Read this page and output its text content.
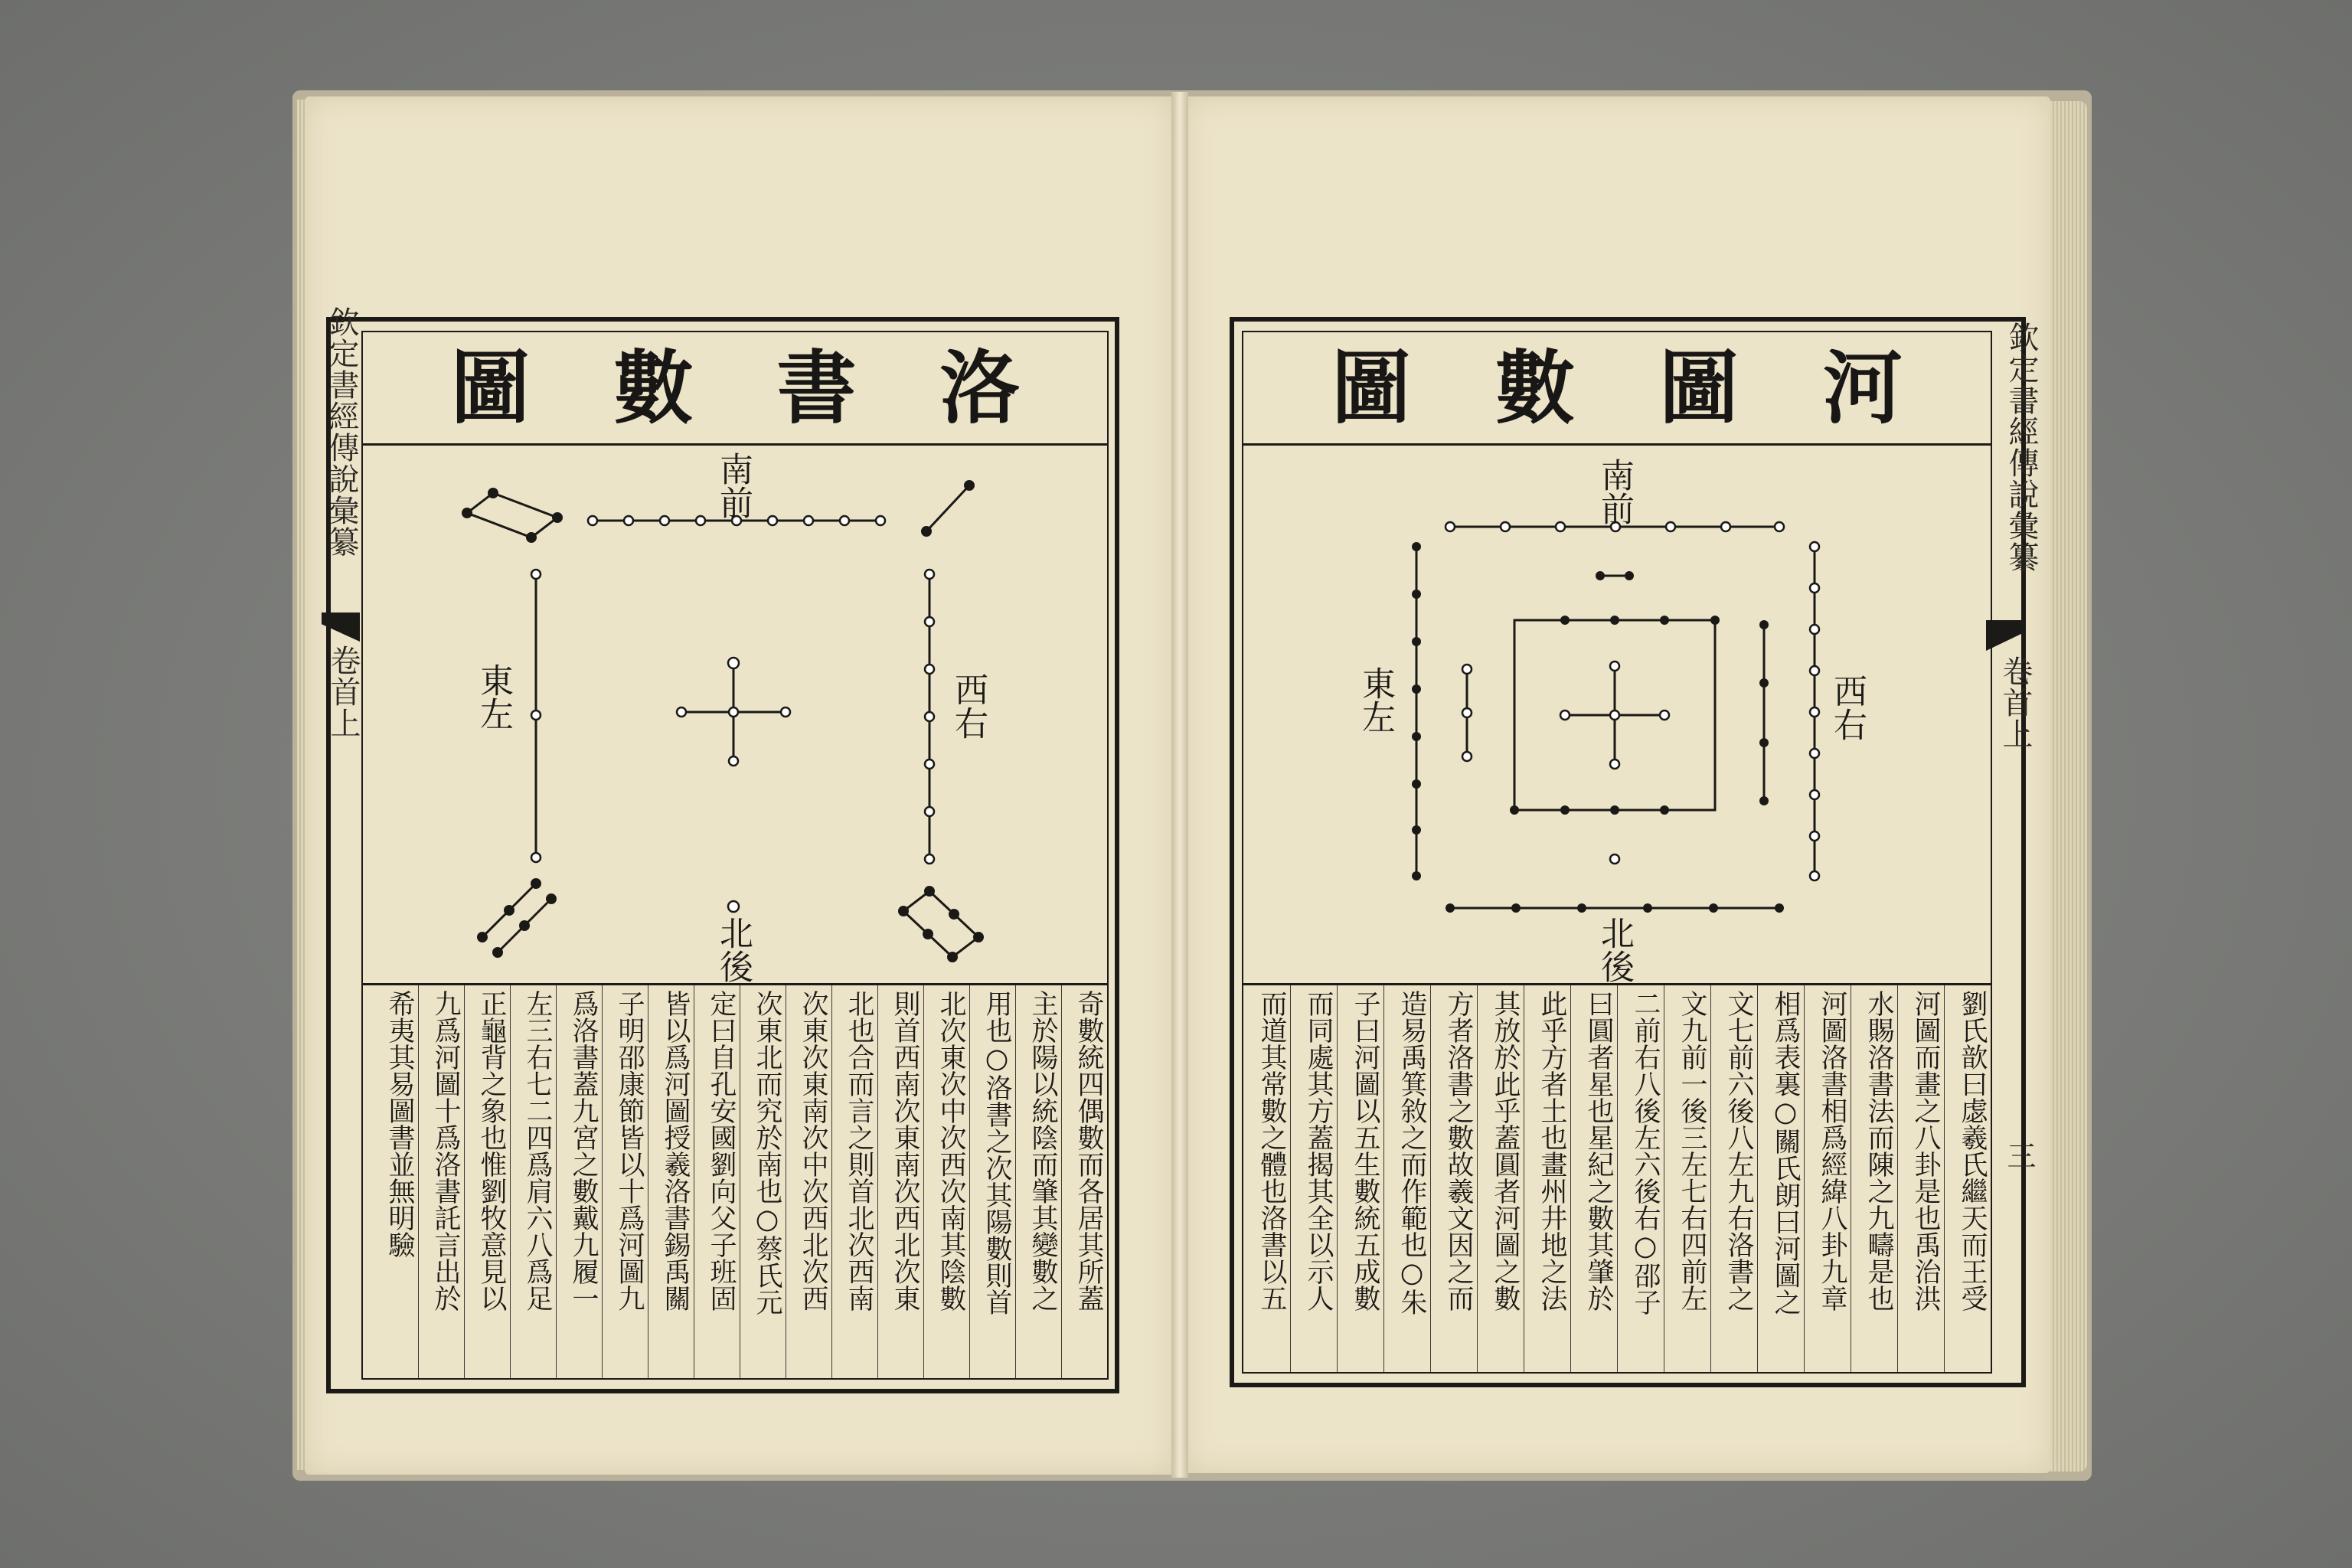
圖 數 書 洛
南前
北後
東左	西右
奇數統四偶數而各居其所蓋
主於陽以統陰而肇其變數之
用也○洛書之次其陽數則首
北次東次中次西次南其陰數
則首西南次東南次西北次東
北也合而言之則首北次西南
次東次東南次中次西北次西
次東北而究於南也○蔡氏元
定曰自孔安國劉向父子班固
皆以爲河圖授羲洛書錫禹關
子明邵康節皆以十爲河圖九
爲洛書蓋九宮之數戴九履一
左三右七二四爲肩六八爲足
正龜背之象也惟劉牧意見以
九爲河圖十爲洛書託言出於
希夷其易圖書並無明驗
欽定書經傳說彙纂
卷首上
圖 數 圖 河
南前
北後
東左	西右
劉氏歆曰虙羲氏繼天而王受
河圖而畫之八卦是也禹治洪
水賜洛書法而陳之九疇是也
河圖洛書相爲經緯八卦九章
相爲表裏○關氏朗曰河圖之
文七前六後八左九右洛書之
文九前一後三左七右四前左
二前右八後左六後右○邵子
曰圓者星也星紀之數其肇於
此乎方者土也畫州井地之法
其放於此乎蓋圓者河圖之數
方者洛書之數故羲文因之而
造易禹箕敘之而作範也○朱
子曰河圖以五生數統五成數
而同處其方蓋揭其全以示人
而道其常數之體也洛書以五
欽定書經傳說彙纂
卷首上
三
